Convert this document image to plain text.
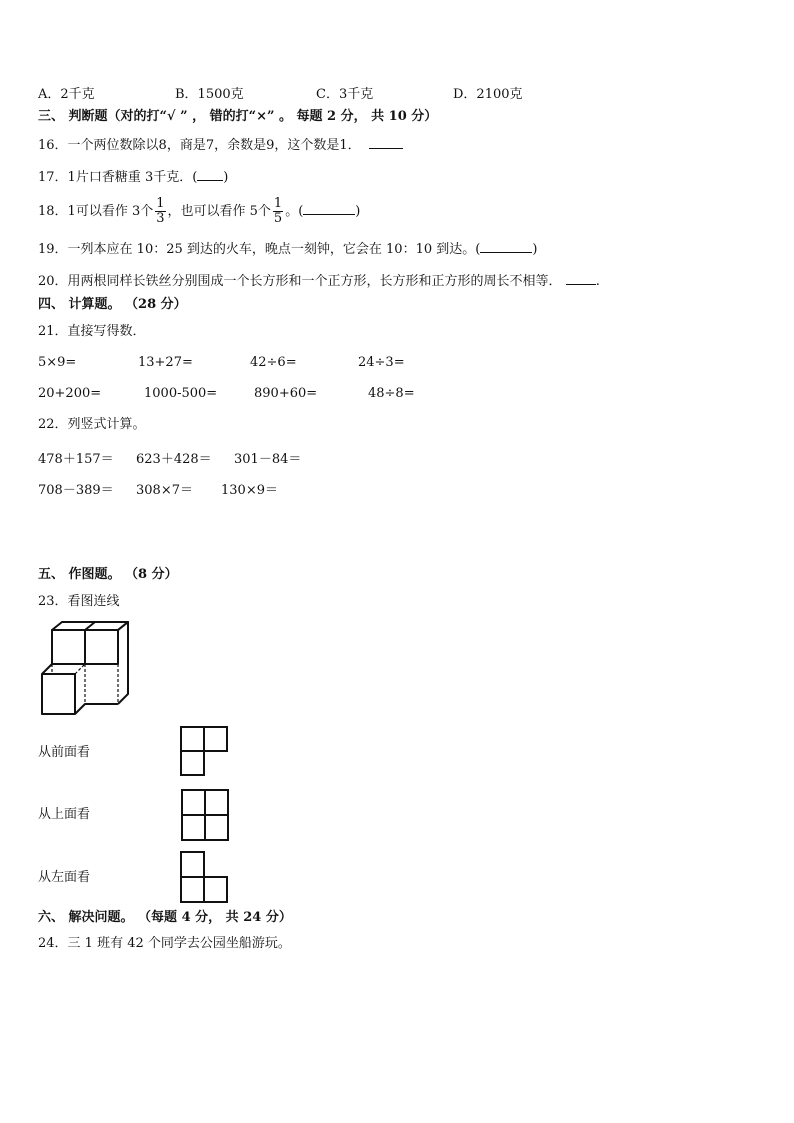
A．2千克	B．1500克	C．3千克	D．2100克
三、 判断题（对的打“√ ” ， 错的打“×” 。 每题 2 分， 共 10 分）
16．一个两位数除以8，商是7，余数是9，这个数是1．
17．1片口香糖重 3千克．( )
18．1可以看作 3个 $\frac{1}{3}$ ，也可以看作 5个 $\frac{1}{5}$ 。(	)
19．一列本应在 10：25 到达的火车，晚点一刻钟，它会在 10：10 到达。(	)
20．用两根同样长铁丝分别围成一个长方形和一个正方形，长方形和正方形的周长不相等．	.
四、 计算题。 （28 分）
21．直接写得数．
5×9=	13+27=	42÷6=	24÷3=
20+200=	1000-500=	890+60=	48÷8=
22．列竖式计算。
478＋157＝ 623＋428＝ 301－84＝
708－389＝ 308×7＝ 130×9＝
五、 作图题。 （8 分）
23．看图连线
从前面看
从上面看
从左面看
六、 解决问题。 （每题 4 分， 共 24 分）
24．三 1 班有 42 个同学去公园坐船游玩。
